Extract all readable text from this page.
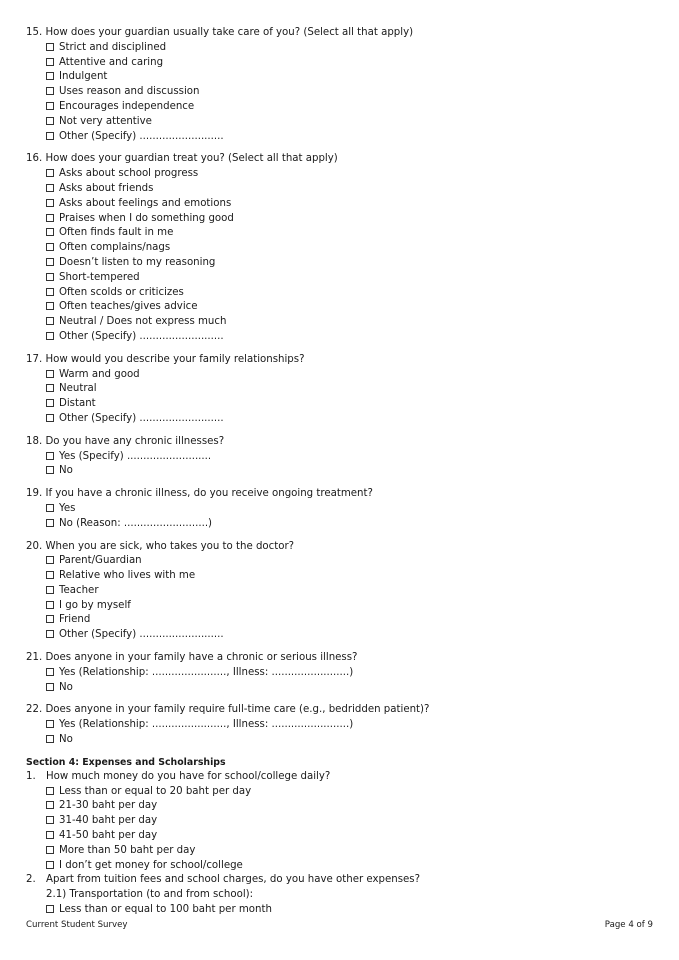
15.
How does your guardian usually take care of you? (Select all that apply)
Strict and disciplined
Attentive and caring
Indulgent
Uses reason and discussion
Encourages independence
Not very attentive
Other (Specify) ..........................
16.
How does your guardian treat you? (Select all that apply)
Asks about school progress
Asks about friends
Asks about feelings and emotions
Praises when I do something good
Often finds fault in me
Often complains/nags
Doesn’t listen to my reasoning
Short-tempered
Often scolds or criticizes
Often teaches/gives advice
Neutral / Does not express much
Other (Specify) ..........................
17.
How would you describe your family relationships?
Warm and good
Neutral
Distant
Other (Specify) ..........................
18.
Do you have any chronic illnesses?
Yes (Specify) ..........................
No
19.
If you have a chronic illness, do you receive ongoing treatment?
Yes
No (Reason: ..........................)
20.
When you are sick, who takes you to the doctor?
Parent/Guardian
Relative who lives with me
Teacher
I go by myself
Friend
Other (Specify) ..........................
21.
Does anyone in your family have a chronic or serious illness?
Yes (Relationship: ......................., Illness: ........................)
No
22.
Does anyone in your family require full-time care (e.g., bedridden patient)?
Yes (Relationship: ......................., Illness: ........................)
No
Section 4: Expenses and Scholarships
1.	How much money do you have for school/college daily?
Less than or equal to 20 baht per day
21-30 baht per day
31-40 baht per day
41-50 baht per day
More than 50 baht per day
I don’t get money for school/college
2.	Apart from tuition fees and school charges, do you have other expenses?
2.1) Transportation (to and from school):
Less than or equal to 100 baht per month
Current Student Survey	Page 4 of 9
